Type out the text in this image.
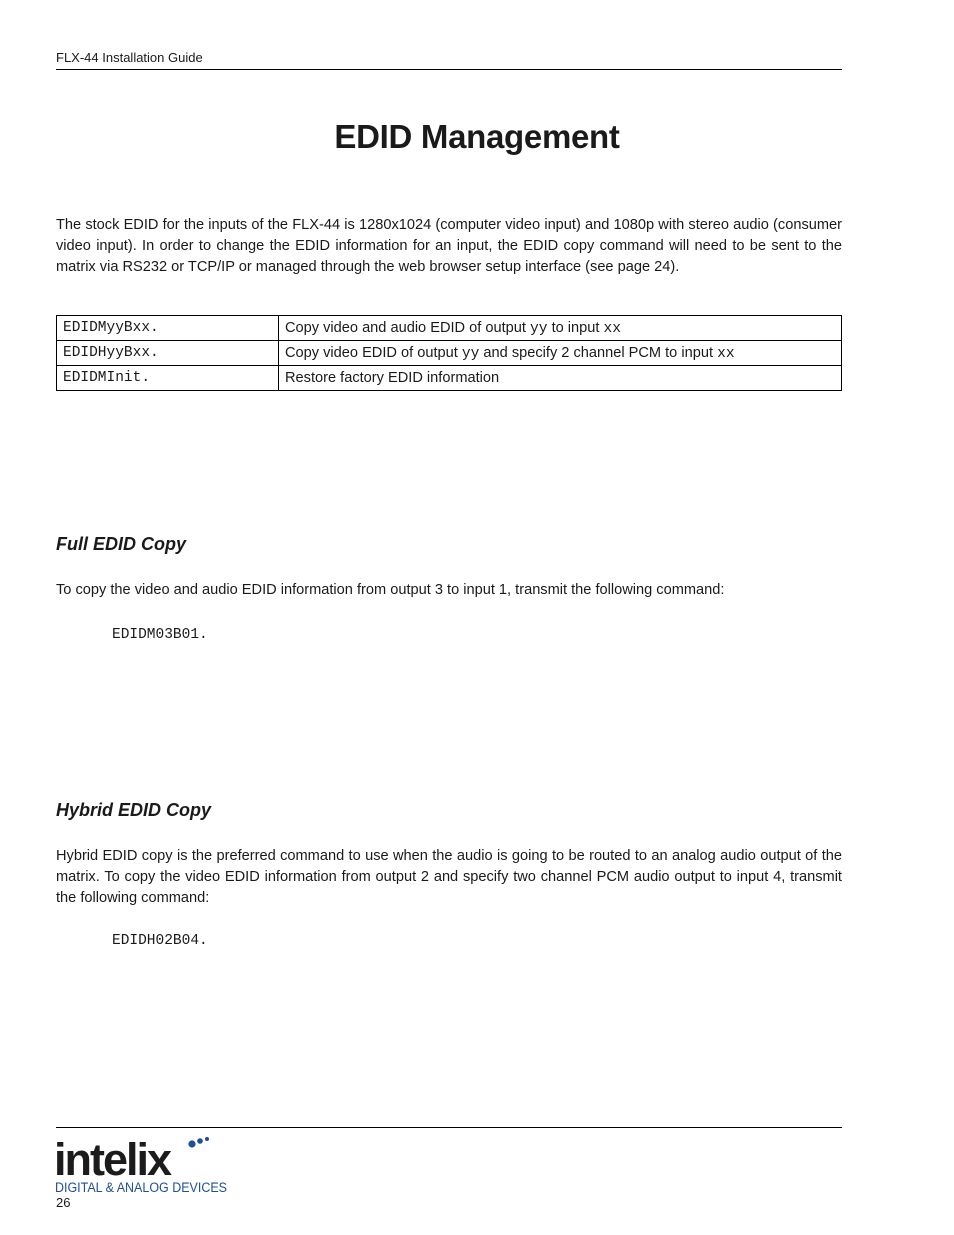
FLX-44 Installation Guide
EDID Management
The stock EDID for the inputs of the FLX-44 is 1280x1024 (computer video input) and 1080p with stereo audio (consumer video input). In order to change the EDID information for an input, the EDID copy command will need to be sent to the matrix via RS232 or TCP/IP or managed through the web browser setup interface (see page 24).
EDIDMyyBxx.	Copy video and audio EDID of output yy to input xx
EDIDHyyBxx.	Copy video EDID of output yy and specify 2 channel PCM to input xx
EDIDMInit.	Restore factory EDID information
Full EDID Copy
To copy the video and audio EDID information from output 3 to input 1, transmit the following command:
EDIDM03B01.
Hybrid EDID Copy
Hybrid EDID copy is the preferred command to use when the audio is going to be routed to an analog audio output of the matrix. To copy the video EDID information from output 2 and specify two channel PCM audio output to input 4, transmit the following command:
EDIDH02B04.
intelix
DIGITAL & ANALOG DEVICES
26
